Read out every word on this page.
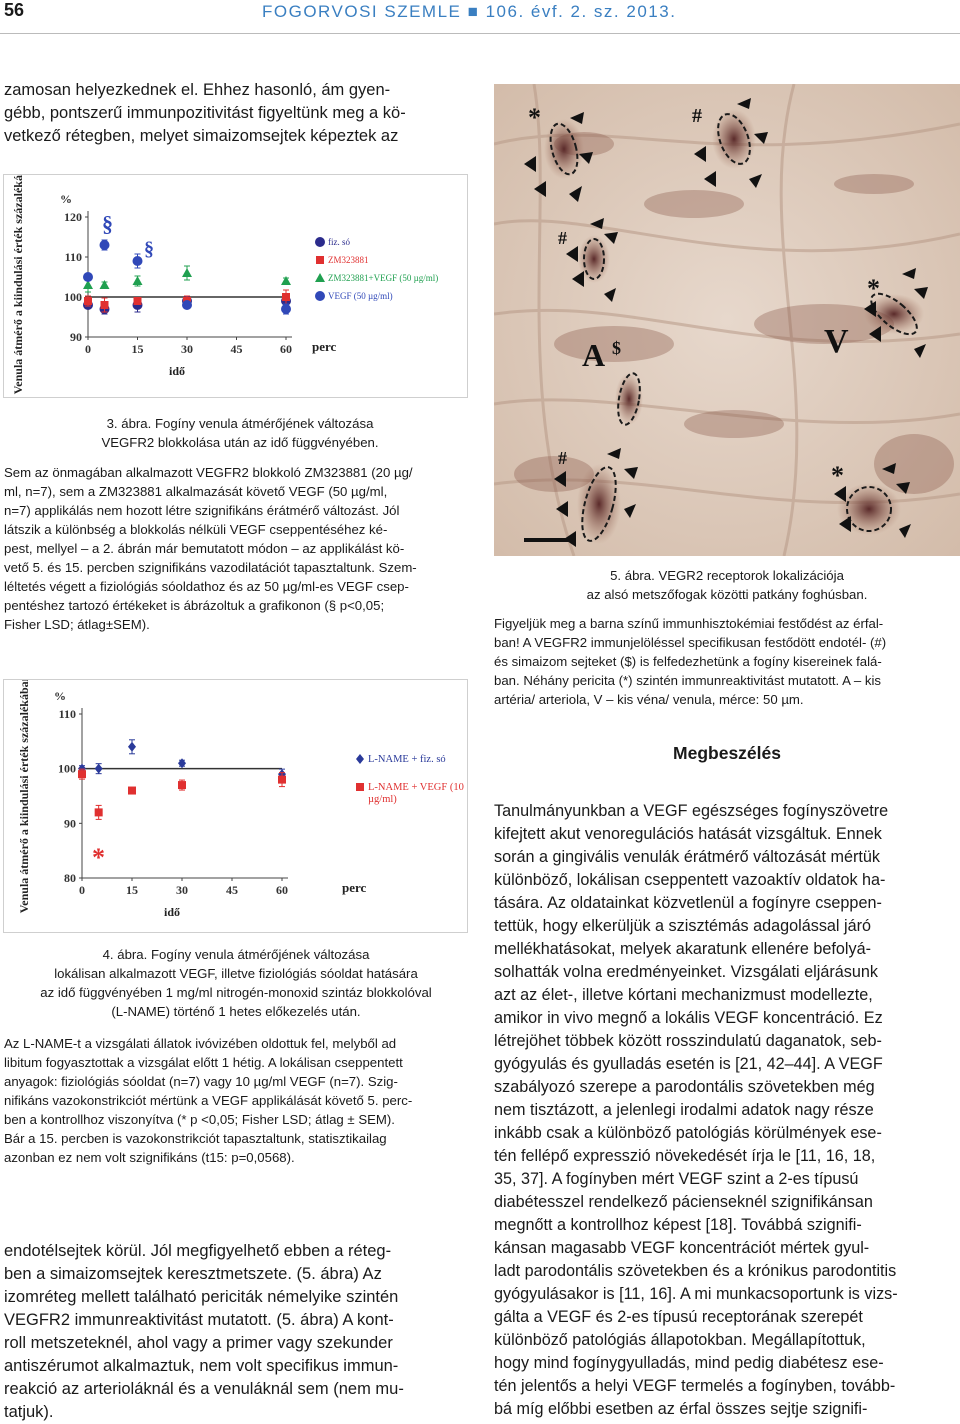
56	FOGORVOSI SZEMLE ■ 106. évf. 2. sz. 2013.
zamosan helyezkednek el. Ehhez hasonló, ám gyen-
gébb, pontszerű immunpozitivitást figyeltünk meg a kö-
vetkező rétegben, melyet simaizomsejtek képeztek az
Venula átmérő a kiindulási érték százalékában	%
90
100
110
120
0	15	30	45	60
idő
perc
§
§	fiz. só
ZM323881
ZM323881+VEGF (50 µg/ml)
VEGF (50 µg/ml)
3. ábra. Fogíny venula átmérőjének változása
VEGFR2 blokkolása után az idő függvényében.
Sem az önmagában alkalmazott VEGFR2 blokkoló ZM323881 (20 µg/
ml, n=7), sem a ZM323881 alkalmazását követő VEGF (50 µg/ml,
n=7) applikálás nem hozott létre szignifikáns érátmérő változást. Jól
látszik a különbség a blokkolás nélküli VEGF cseppentéséhez ké-
pest, mellyel – a 2. ábrán már bemutatott módon – az applikálást kö-
vető 5. és 15. percben szignifikáns vazodilatációt tapasztaltunk. Szem-
léltetés végett a fiziológiás sóoldathoz és az 50 µg/ml-es VEGF csep-
pentéshez tartozó értékeket is ábrázoltuk a grafikonon (§ p<0,05;
Fisher LSD; átlag±SEM).
Venula átmérő a kiindulási érték százalékában %
80
90
100
110
0	15	30	45	60
idő
perc
*
L-NAME + fiz. só
L-NAME + VEGF (10
µg/ml)
4. ábra. Fogíny venula átmérőjének változása
lokálisan alkalmazott VEGF, illetve fiziológiás sóoldat hatására
az idő függvényében 1 mg/ml nitrogén-monoxid szintáz blokkolóval
(L-NAME) történő 1 hetes előkezelés után.
Az L-NAME-t a vizsgálati állatok ivóvizében oldottuk fel, melyből ad
libitum fogyasztottak a vizsgálat előtt 1 hétig. A lokálisan cseppentett
anyagok: fiziológiás sóoldat (n=7) vagy 10 µg/ml VEGF (n=7). Szig-
nifikáns vazokonstrikciót mértünk a VEGF applikálását követő 5. perc-
ben a kontrollhoz viszonyítva (* p <0,05; Fisher LSD; átlag ± SEM).
Bár a 15. percben is vazokonstrikciót tapasztaltunk, statisztikailag
azonban ez nem volt szignifikáns (t15: p=0,0568).
endotélsejtek körül. Jól megfigyelhető ebben a réteg-
ben a simaizomsejtek keresztmetszete. (5. ábra) Az
izomréteg mellett található periciták némelyike szintén
VEGFR2 immunreaktivitást mutatott. (5. ábra) A kont-
roll metszeteknél, ahol vagy a primer vagy szekunder
antiszérumot alkalmaztuk, nem volt specifikus immun-
reakció az arterioláknál és a venuláknál sem (nem mu-
tatjuk).
*	#
#
*
V
A $
#
*
5. ábra. VEGR2 receptorok lokalizációja
az alsó metszőfogak közötti patkány foghúsban.
Figyeljük meg a barna színű immunhisztokémiai festődést az érfal-
ban! A VEGFR2 immunjelöléssel specifikusan festődött endotél- (#)
és simaizom sejteket ($) is felfedezhetünk a fogíny kisereinek falá-
ban. Néhány pericita (*) szintén immunreaktivitást mutatott. A – kis
artéria/ arteriola, V – kis véna/ venula, mérce: 50 µm.
Megbeszélés
Tanulmányunkban a VEGF egészséges fogínyszövetre
kifejtett akut venoregulációs hatását vizsgáltuk. Ennek
során a gingivális venulák érátmérő változását mértük
különböző, lokálisan cseppentett vazoaktív oldatok ha-
tására. Az oldatainkat közvetlenül a fogínyre cseppen-
tettük, hogy elkerüljük a szisztémás adagolással járó
mellékhatásokat, melyek akaratunk ellenére befolyá-
solhatták volna eredményeinket. Vizsgálati eljárásunk
azt az élet-, illetve kórtani mechanizmust modellezte,
amikor in vivo megnő a lokális VEGF koncentráció. Ez
létrejöhet többek között rosszindulatú daganatok, seb-
gyógyulás és gyulladás esetén is [21, 42–44]. A VEGF
szabályozó szerepe a parodontális szövetekben még
nem tisztázott, a jelenlegi irodalmi adatok nagy része
inkább csak a különböző patológiás körülmények ese-
tén fellépő expresszió növekedését írja le [11, 16, 18,
35, 37]. A fogínyben mért VEGF szint a 2-es típusú
diabétesszel rendelkező pácienseknél szignifikánsan
megnőtt a kontrollhoz képest [18]. Továbbá szignifi-
kánsan magasabb VEGF koncentrációt mértek gyul-
ladt parodontális szövetekben és a krónikus parodontitis
gyógyulásakor is [11, 16]. A mi munkacsoportunk is vizs-
gálta a VEGF és 2-es típusú receptorának szerepét
különböző patológiás állapotokban. Megállapítottuk,
hogy mind fogínygyulladás, mind pedig diabétesz ese-
tén jelentős a helyi VEGF termelés a fogínyben, tovább-
bá míg előbbi esetben az érfal összes sejtje szignifi-
